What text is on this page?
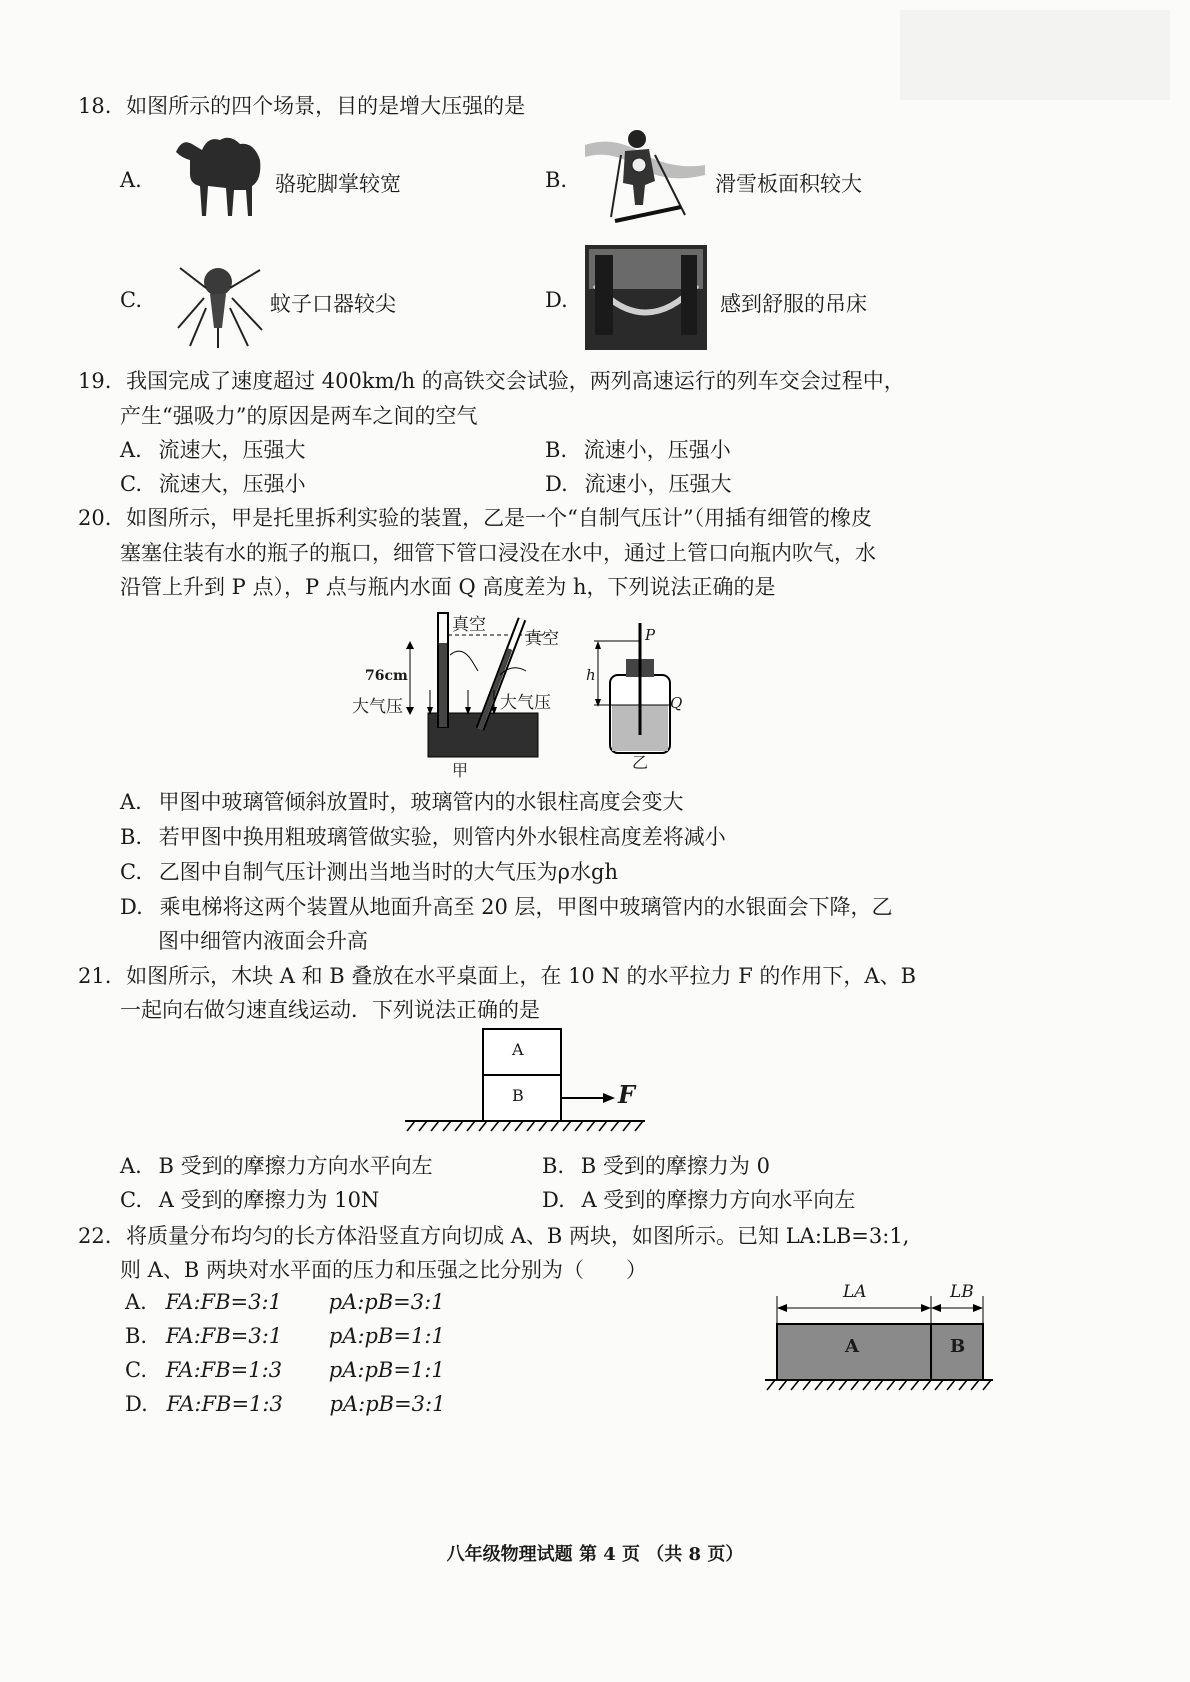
18. 如图所示的四个场景，目的是增大压强的是
A.	骆驼脚掌较宽	B.	滑雪板面积较大
C.	蚊子口器较尖	D.	感到舒服的吊床
19. 我国完成了速度超过 400km/h 的高铁交会试验，两列高速运行的列车交会过程中，
产生“强吸力”的原因是两车之间的空气
A. 流速大，压强大	B. 流速小，压强小
C. 流速大，压强小	D. 流速小，压强大
20. 如图所示，甲是托里拆利实验的装置，乙是一个“自制气压计”（用插有细管的橡皮
塞塞住装有水的瓶子的瓶口，细管下管口浸没在水中，通过上管口向瓶内吹气，水
沿管上升到 P 点），P 点与瓶内水面 Q 高度差为 h，下列说法正确的是
真空
真空
76cm
大气压	大气压
甲	乙
P
h
Q
A. 甲图中玻璃管倾斜放置时，玻璃管内的水银柱高度会变大
B. 若甲图中换用粗玻璃管做实验，则管内外水银柱高度差将减小
C. 乙图中自制气压计测出当地当时的大气压为ρ水gh
D. 乘电梯将这两个装置从地面升高至 20 层，甲图中玻璃管内的水银面会下降，乙
图中细管内液面会升高
21. 如图所示，木块 A 和 B 叠放在水平桌面上，在 10 N 的水平拉力 F 的作用下，A、B
一起向右做匀速直线运动．下列说法正确的是
A
B	F
A. B 受到的摩擦力方向水平向左	B. B 受到的摩擦力为 0
C. A 受到的摩擦力为 10N	D. A 受到的摩擦力方向水平向左
22. 将质量分布均匀的长方体沿竖直方向切成 A、B 两块，如图所示。已知 LA:LB=3:1,
则 A、B 两块对水平面的压力和压强之比分别为（　　）
A. FA:FB=3:1 pA:pB=3:1
B. FA:FB=3:1 pA:pB=1:1
C. FA:FB=1:3 pA:pB=1:1
D. FA:FB=1:3 pA:pB=3:1
LA	LB
A	B
八年级物理试题 第 4 页 （共 8 页）
